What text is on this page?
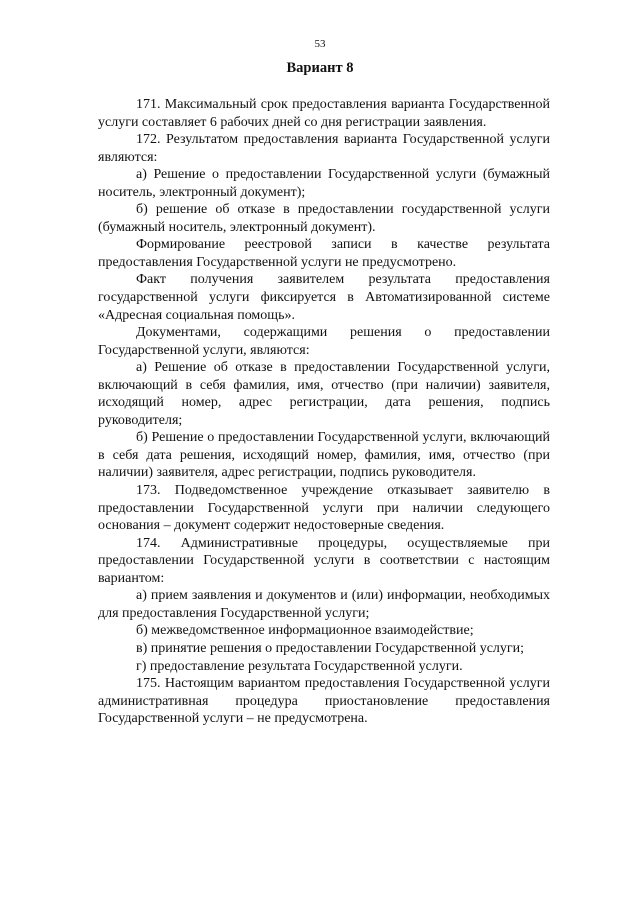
53
Вариант 8

171. Максимальный срок предоставления варианта Государственной услуги составляет 6 рабочих дней со дня регистрации заявления.

172. Результатом предоставления варианта Государственной услуги являются:

а) Решение о предоставлении Государственной услуги (бумажный носитель, электронный документ);

б) решение об отказе в предоставлении государственной услуги (бумажный носитель, электронный документ).

Формирование реестровой записи в качестве результата предоставления Государственной услуги не предусмотрено.

Факт получения заявителем результата предоставления государственной услуги фиксируется в Автоматизированной системе «Адресная социальная помощь».

Документами, содержащими решения о предоставлении Государственной услуги, являются:

а) Решение об отказе в предоставлении Государственной услуги, включающий в себя фамилия, имя, отчество (при наличии) заявителя, исходящий номер, адрес регистрации, дата решения, подпись руководителя;

б) Решение о предоставлении Государственной услуги, включающий в себя дата решения, исходящий номер, фамилия, имя, отчество (при наличии) заявителя, адрес регистрации, подпись руководителя.

173. Подведомственное учреждение отказывает заявителю в предоставлении Государственной услуги при наличии следующего основания – документ содержит недостоверные сведения.

174. Административные процедуры, осуществляемые при предоставлении Государственной услуги в соответствии с настоящим вариантом:

а) прием заявления и документов и (или) информации, необходимых для предоставления Государственной услуги;

б) межведомственное информационное взаимодействие;

в) принятие решения о предоставлении Государственной услуги;

г) предоставление результата Государственной услуги.

175. Настоящим вариантом предоставления Государственной услуги административная процедура приостановление предоставления Государственной услуги – не предусмотрена.
